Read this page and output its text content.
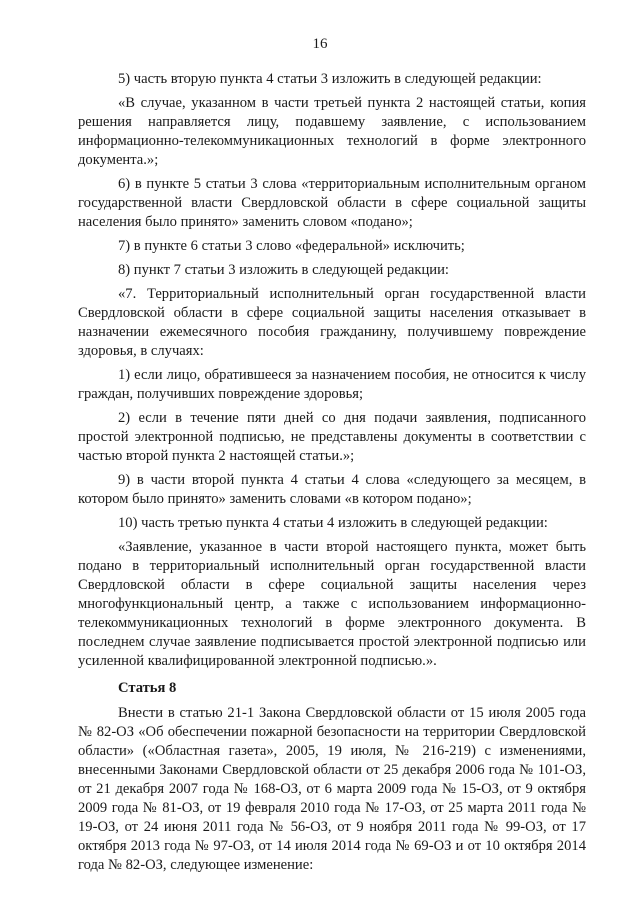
16

5) часть вторую пункта 4 статьи 3 изложить в следующей редакции:

«В случае, указанном в части третьей пункта 2 настоящей статьи, копия решения направляется лицу, подавшему заявление, с использованием информационно-телекоммуникационных технологий в форме электронного документа.»;

6) в пункте 5 статьи 3 слова «территориальным исполнительным органом государственной власти Свердловской области в сфере социальной защиты населения было принято» заменить словом «подано»;

7) в пункте 6 статьи 3 слово «федеральной» исключить;

8) пункт 7 статьи 3 изложить в следующей редакции:

«7. Территориальный исполнительный орган государственной власти Свердловской области в сфере социальной защиты населения отказывает в назначении ежемесячного пособия гражданину, получившему повреждение здоровья, в случаях:

1) если лицо, обратившееся за назначением пособия, не относится к числу граждан, получивших повреждение здоровья;

2) если в течение пяти дней со дня подачи заявления, подписанного простой электронной подписью, не представлены документы в соответствии с частью второй пункта 2 настоящей статьи.»;

9) в части второй пункта 4 статьи 4 слова «следующего за месяцем, в котором было принято» заменить словами «в котором подано»;

10) часть третью пункта 4 статьи 4 изложить в следующей редакции:

«Заявление, указанное в части второй настоящего пункта, может быть подано в территориальный исполнительный орган государственной власти Свердловской области в сфере социальной защиты населения через многофункциональный центр, а также с использованием информационно-телекоммуникационных технологий в форме электронного документа. В последнем случае заявление подписывается простой электронной подписью или усиленной квалифицированной электронной подписью.».

Статья 8

Внести в статью 21-1 Закона Свердловской области от 15 июля 2005 года № 82-ОЗ «Об обеспечении пожарной безопасности на территории Свердловской области» («Областная газета», 2005, 19 июля, № 216-219) с изменениями, внесенными Законами Свердловской области от 25 декабря 2006 года № 101-ОЗ, от 21 декабря 2007 года № 168-ОЗ, от 6 марта 2009 года № 15-ОЗ, от 9 октября 2009 года № 81-ОЗ, от 19 февраля 2010 года № 17-ОЗ, от 25 марта 2011 года № 19-ОЗ, от 24 июня 2011 года № 56-ОЗ, от 9 ноября 2011 года № 99-ОЗ, от 17 октября 2013 года № 97-ОЗ, от 14 июля 2014 года № 69-ОЗ и от 10 октября 2014 года № 82-ОЗ, следующее изменение:
